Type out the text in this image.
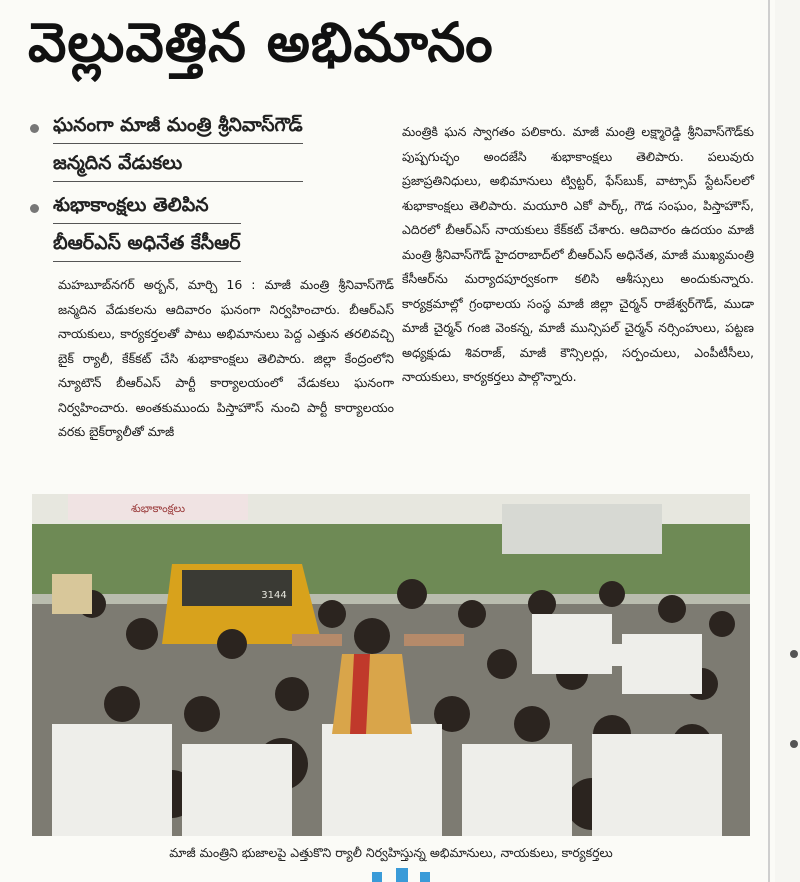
వెల్లువెత్తిన అభిమానం
ఘనంగా మాజీ మంత్రి శ్రీనివాస్‌గౌడ్
జన్మదిన వేడుకలు
శుభాకాంక్షలు తెలిపిన
బీఆర్‌ఎస్ అధినేత కేసీఆర్
మహబూబ్‌నగర్ అర్బన్, మార్చి 16 : మాజీ మంత్రి శ్రీనివాస్‌గౌడ్ జన్మదిన వేడుకలను ఆదివారం ఘనంగా నిర్వహించారు. బీఆర్‌ఎస్ నాయకులు, కార్యకర్తలతో పాటు అభిమానులు పెద్ద ఎత్తున తరలివచ్చి బైక్ ర్యాలీ, కేక్‌కట్ చేసి శుభాకాంక్షలు తెలిపారు. జిల్లా కేంద్రంలోని న్యూటౌన్ బీఆర్‌ఎస్ పార్టీ కార్యాలయంలో వేడుకలు ఘనంగా నిర్వహించారు. అంతకుముందు పిస్తాహౌస్ నుంచి పార్టీ కార్యాలయం వరకు బైక్‌ర్యాలీతో మాజీ
మంత్రికి ఘన స్వాగతం పలికారు. మాజీ మంత్రి లక్ష్మారెడ్డి శ్రీనివాస్‌గౌడ్‌కు పుష్పగుచ్ఛం అందజేసి శుభాకాంక్షలు తెలిపారు. పలువురు ప్రజాప్రతినిధులు, అభిమానులు ట్విట్టర్, ఫేస్‌బుక్, వాట్సాప్ స్టేటస్‌లలో శుభాకాంక్షలు తెలిపారు. మయూరి ఎకో పార్క్, గౌడ సంఘం, పిస్తాహౌస్, ఎదిరలో బీఆర్‌ఎస్ నాయకులు కేక్‌కట్ చేశారు. ఆదివారం ఉదయం మాజీ మంత్రి శ్రీనివాస్‌గౌడ్ హైదరాబాద్‌లో బీఆర్‌ఎస్ అధినేత, మాజీ ముఖ్యమంత్రి కేసీఆర్‌ను మర్యాదపూర్వకంగా కలిసి ఆశీస్సులు అందుకున్నారు. కార్యక్రమాల్లో గ్రంథాలయ సంస్థ మాజీ జిల్లా చైర్మన్ రాజేశ్వర్‌గౌడ్, ముడా మాజీ చైర్మన్ గంజి వెంకన్న, మాజీ మున్సిపల్ చైర్మన్ నర్సింహులు, పట్టణ అధ్యక్షుడు శివరాజ్, మాజీ కౌన్సిలర్లు, సర్పంచులు, ఎంపీటీసీలు, నాయకులు, కార్యకర్తలు పాల్గొన్నారు.
శుభాకాంక్షలు
3144
మాజీ మంత్రిని భుజాలపై ఎత్తుకొని ర్యాలీ నిర్వహిస్తున్న అభిమానులు, నాయకులు, కార్యకర్తలు
